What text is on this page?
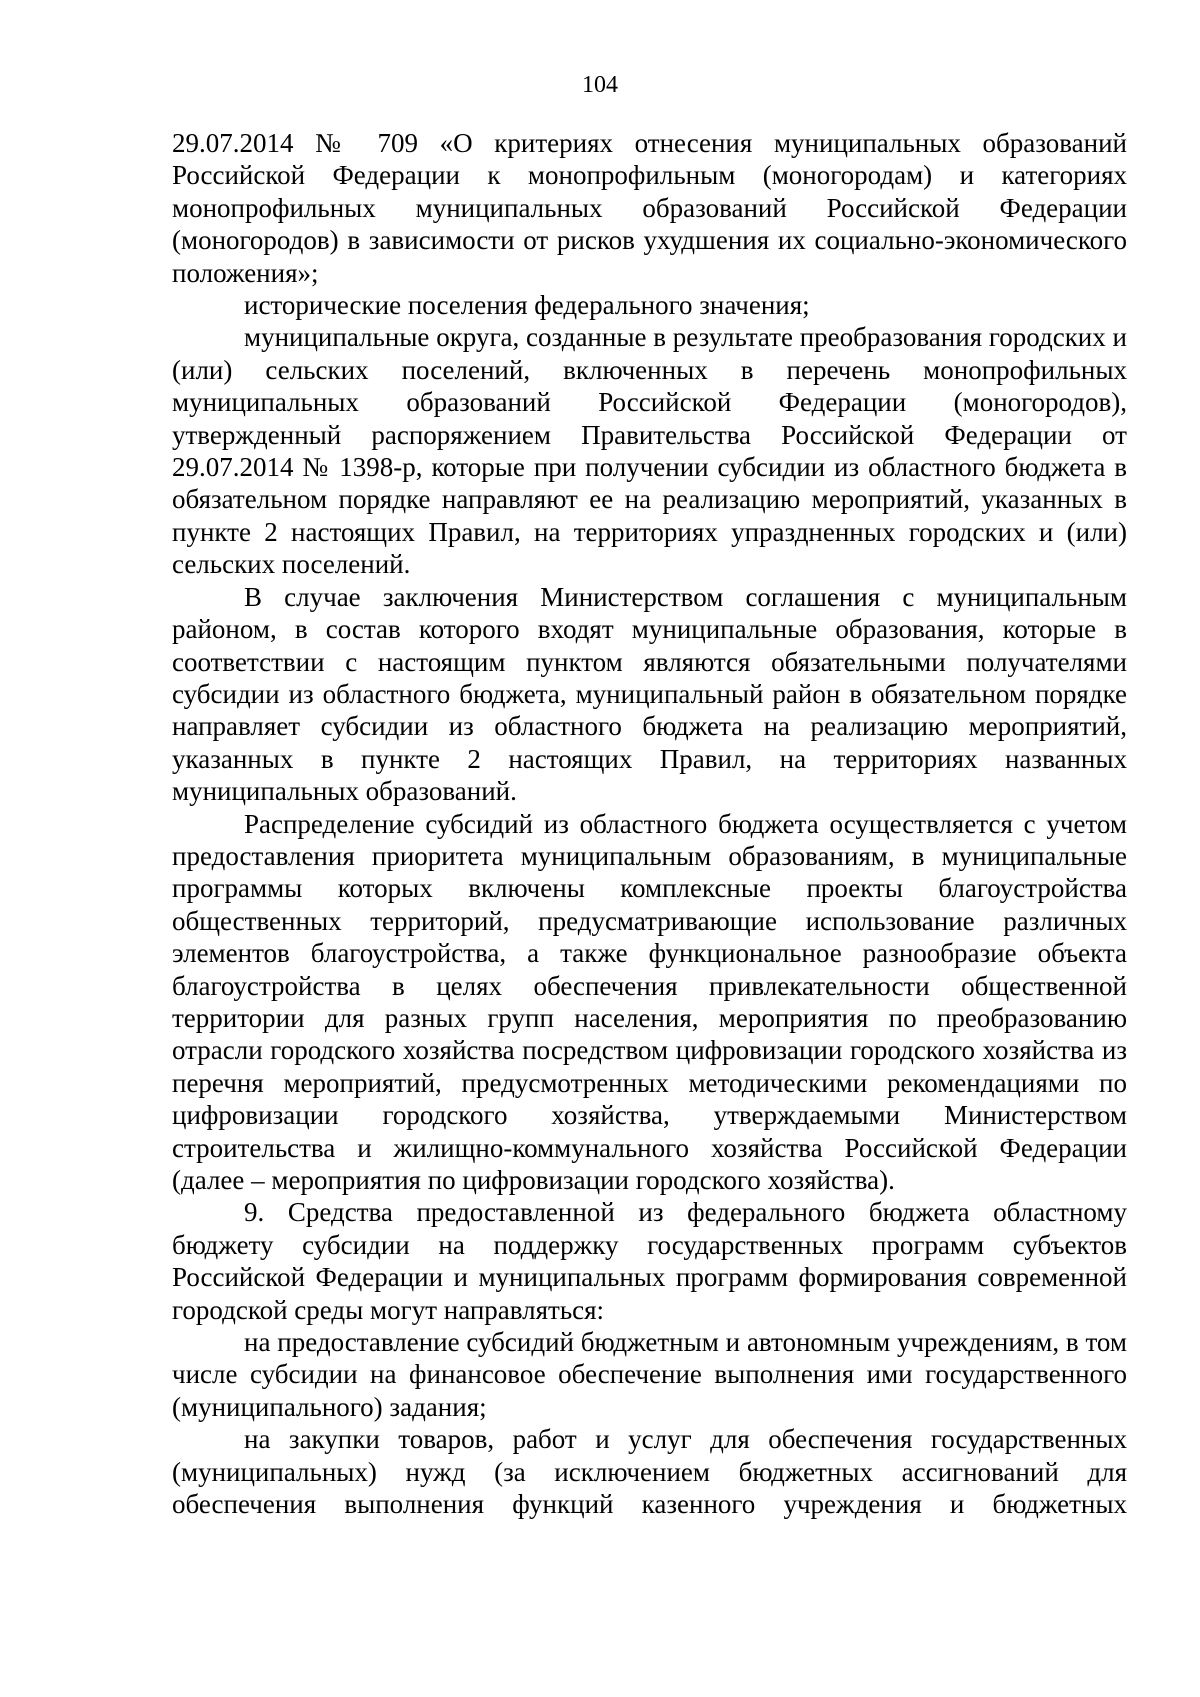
104

29.07.2014 № 709 «О критериях отнесения муниципальных образований Российской Федерации к монопрофильным (моногородам) и категориях монопрофильных муниципальных образований Российской Федерации (моногородов) в зависимости от рисков ухудшения их социально-экономического положения»;

исторические поселения федерального значения;

муниципальные округа, созданные в результате преобразования городских и (или) сельских поселений, включенных в перечень монопрофильных муниципальных образований Российской Федерации (моногородов), утвержденный распоряжением Правительства Российской Федерации от 29.07.2014 № 1398-р, которые при получении субсидии из областного бюджета в обязательном порядке направляют ее на реализацию мероприятий, указанных в пункте 2 настоящих Правил, на территориях упраздненных городских и (или) сельских поселений.

В случае заключения Министерством соглашения с муниципальным районом, в состав которого входят муниципальные образования, которые в соответствии с настоящим пунктом являются обязательными получателями субсидии из областного бюджета, муниципальный район в обязательном порядке направляет субсидии из областного бюджета на реализацию мероприятий, указанных в пункте 2 настоящих Правил, на территориях названных муниципальных образований.

Распределение субсидий из областного бюджета осуществляется с учетом предоставления приоритета муниципальным образованиям, в муниципальные программы которых включены комплексные проекты благоустройства общественных территорий, предусматривающие использование различных элементов благоустройства, а также функциональное разнообразие объекта благоустройства в целях обеспечения привлекательности общественной территории для разных групп населения, мероприятия по преобразованию отрасли городского хозяйства посредством цифровизации городского хозяйства из перечня мероприятий, предусмотренных методическими рекомендациями по цифровизации городского хозяйства, утверждаемыми Министерством строительства и жилищно-коммунального хозяйства Российской Федерации (далее – мероприятия по цифровизации городского хозяйства).

9. Средства предоставленной из федерального бюджета областному бюджету субсидии на поддержку государственных программ субъектов Российской Федерации и муниципальных программ формирования современной городской среды могут направляться:

на предоставление субсидий бюджетным и автономным учреждениям, в том числе субсидии на финансовое обеспечение выполнения ими государственного (муниципального) задания;

на закупки товаров, работ и услуг для обеспечения государственных (муниципальных) нужд (за исключением бюджетных ассигнований для обеспечения выполнения функций казенного учреждения и бюджетных
